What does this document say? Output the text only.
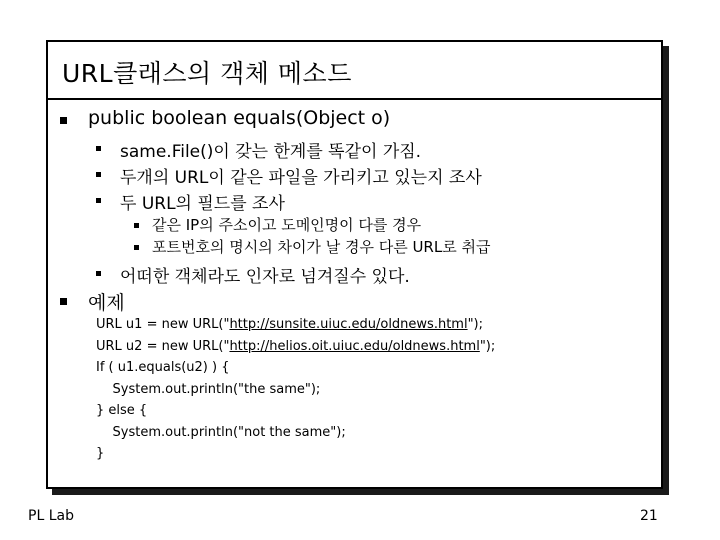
URL클래스의 객체 메소드
public boolean equals(Object o)
same.File()이 갖는 한계를 똑같이 가짐.
두개의 URL이 같은 파일을 가리키고 있는지 조사
두 URL의 필드를 조사
같은 IP의 주소이고 도메인명이 다를 경우
포트번호의 명시의 차이가 날 경우 다른 URL로 취급
어떠한 객체라도 인자로 넘겨질수 있다.
예제
URL u1 = new URL("http://sunsite.uiuc.edu/oldnews.html");
URL u2 = new URL("http://helios.oit.uiuc.edu/oldnews.html");
If ( u1.equals(u2) ) {
System.out.println("the same");
} else {
System.out.println("not the same");
}
PL Lab	21
